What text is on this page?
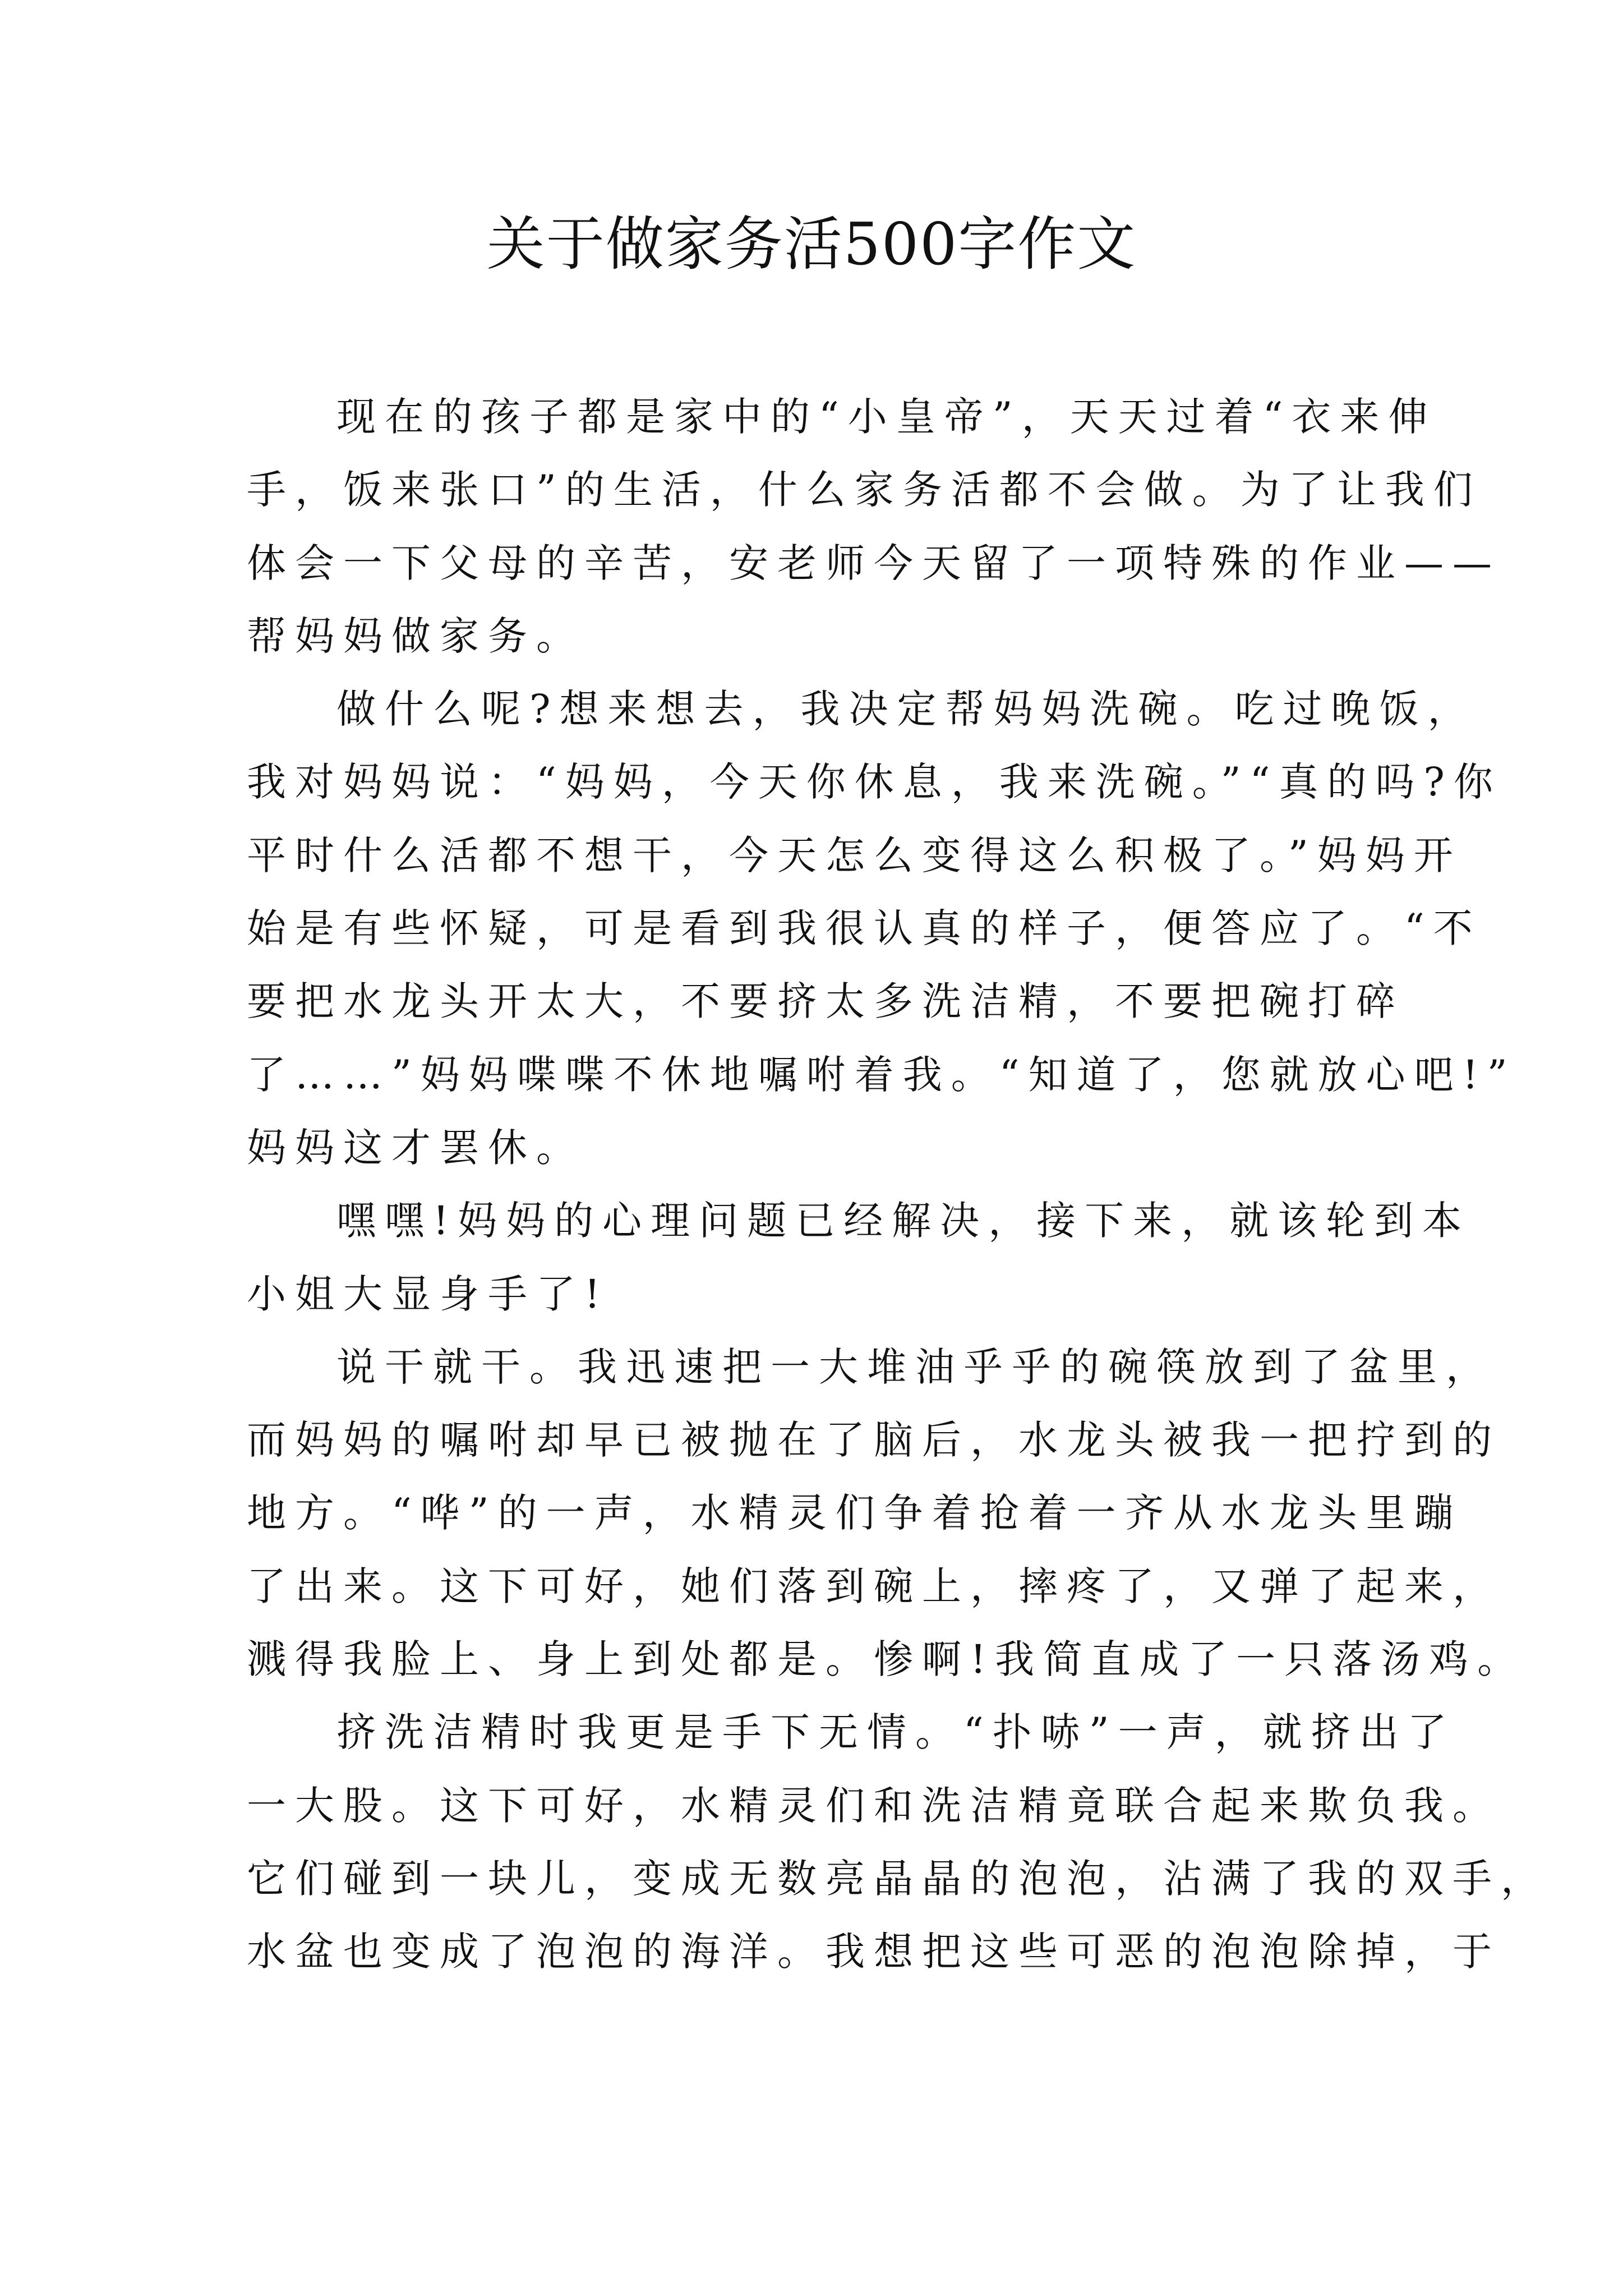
关于做家务活500字作文
现在的孩子都是家中的“小皇帝”，天天过着“衣来伸
手，饭来张口”的生活，什么家务活都不会做。为了让我们
体会一下父母的辛苦，安老师今天留了一项特殊的作业——
帮妈妈做家务。
做什么呢?想来想去，我决定帮妈妈洗碗。吃过晚饭，
我对妈妈说：“妈妈，今天你休息，我来洗碗。”“真的吗?你
平时什么活都不想干，今天怎么变得这么积极了。”妈妈开
始是有些怀疑，可是看到我很认真的样子，便答应了。“不
要把水龙头开太大，不要挤太多洗洁精，不要把碗打碎
了……”妈妈喋喋不休地嘱咐着我。“知道了，您就放心吧!”
妈妈这才罢休。
嘿嘿!妈妈的心理问题已经解决，接下来，就该轮到本
小姐大显身手了!
说干就干。我迅速把一大堆油乎乎的碗筷放到了盆里，
而妈妈的嘱咐却早已被抛在了脑后，水龙头被我一把拧到的
地方。“哗”的一声，水精灵们争着抢着一齐从水龙头里蹦
了出来。这下可好，她们落到碗上，摔疼了，又弹了起来，
溅得我脸上、身上到处都是。惨啊!我简直成了一只落汤鸡。
挤洗洁精时我更是手下无情。“扑哧”一声，就挤出了
一大股。这下可好，水精灵们和洗洁精竟联合起来欺负我。
它们碰到一块儿，变成无数亮晶晶的泡泡，沾满了我的双手，
水盆也变成了泡泡的海洋。我想把这些可恶的泡泡除掉，于
